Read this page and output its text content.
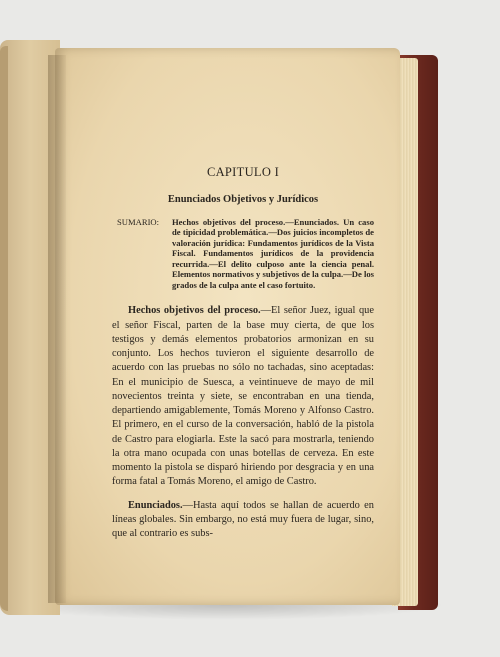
CAPITULO I
Enunciados Objetivos y Jurídicos
SUMARIO:	Hechos objetivos del proceso.—Enunciados. Un caso de tipicidad problemática.—Dos juicios incompletos de valoración jurídica: Fundamentos jurídicos de la Vista Fiscal. Fundamentos jurídicos de la providencia recurrida.—El delito culposo ante la ciencia penal. Elementos normativos y subjetivos de la culpa.—De los grados de la culpa ante el caso fortuito.

Hechos objetivos del proceso.—El señor Juez, igual que el señor Fiscal, parten de la base muy cierta, de que los testigos y demás elementos probatorios armonizan en su conjunto. Los hechos tuvieron el siguiente desarrollo de acuerdo con las pruebas no sólo no tachadas, sino aceptadas: En el municipio de Suesca, a veintinueve de mayo de mil novecientos treinta y siete, se encontraban en una tienda, departiendo amigablemente, Tomás Moreno y Alfonso Castro. El primero, en el curso de la conversación, habló de la pistola de Castro para elogiarla. Este la sacó para mostrarla, teniendo la otra mano ocupada con unas botellas de cerveza. En este momento la pistola se disparó hiriendo por desgracia y en una forma fatal a Tomás Moreno, el amigo de Castro.

Enunciados.—Hasta aquí todos se hallan de acuerdo en líneas globales. Sin embargo, no está muy fuera de lugar, sino, que al contrario es subs-
